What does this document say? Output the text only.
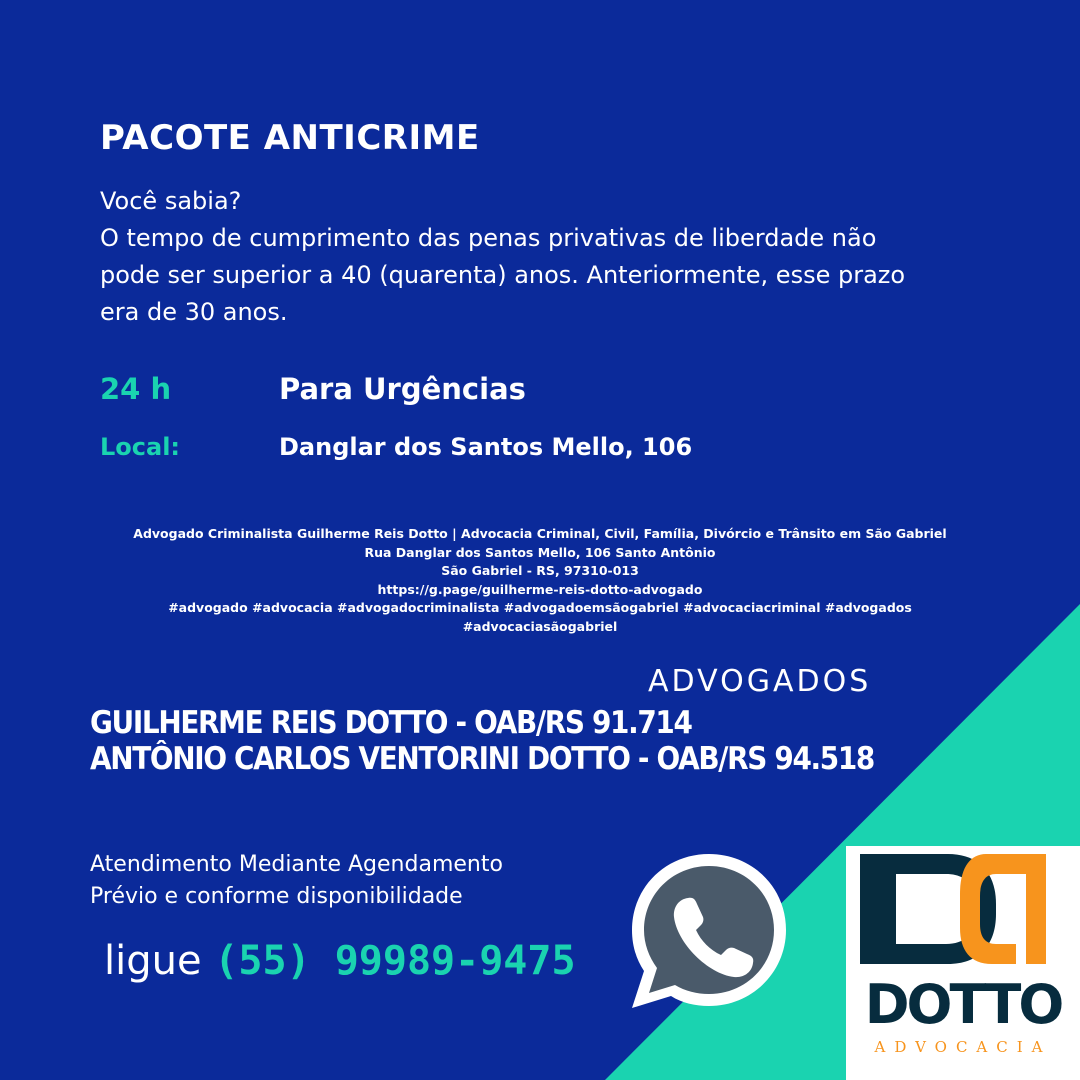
PACOTE ANTICRIME
Você sabia?
O tempo de cumprimento das penas privativas de liberdade não
pode ser superior a 40 (quarenta) anos. Anteriormente, esse prazo
era de 30 anos.
24 h	Para Urgências
Local:	Danglar dos Santos Mello, 106
Advogado Criminalista Guilherme Reis Dotto | Advocacia Criminal, Civil, Família, Divórcio e Trânsito em São Gabriel
Rua Danglar dos Santos Mello, 106 Santo Antônio
São Gabriel - RS, 97310-013
https://g.page/guilherme-reis-dotto-advogado
#advogado #advocacia #advogadocriminalista #advogadoemsãogabriel #advocaciacriminal #advogados
#advocaciasãogabriel
ADVOGADOS
GUILHERME REIS DOTTO - OAB/RS 91.714
ANTÔNIO CARLOS VENTORINI DOTTO - OAB/RS 94.518
Atendimento Mediante Agendamento
Prévio e conforme disponibilidade
ligue (55) 99989-9475
DOTTO
ADVOCACIA
